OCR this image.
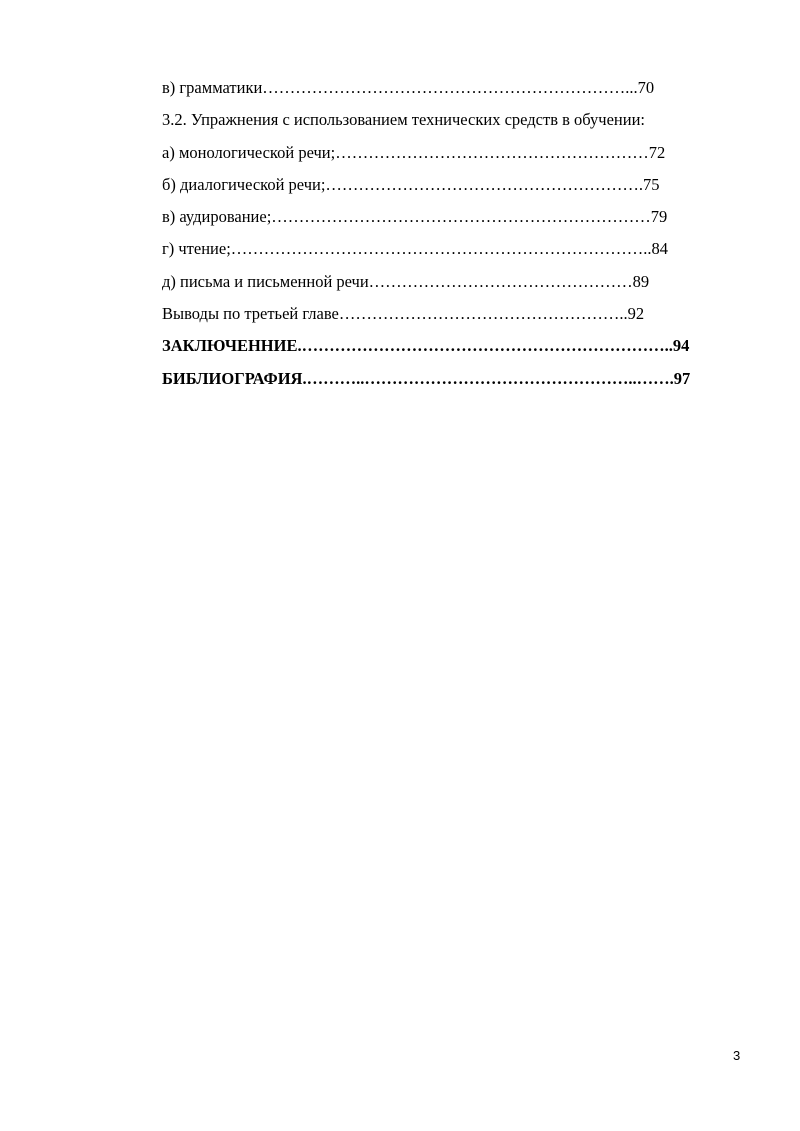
в) грамматики…………………………………………………………...70
3.2. Упражнения с использованием технических средств в обучении:
а) монологической речи;…………………………………………………72
б) диалогической речи;………………………………………………….75
в) аудирование;……………………………………………………………79
г) чтение;…………………………………………………………………..84
д) письма и письменной речи…………………………………………89
Выводы по третьей главе……………………………………………..92
ЗАКЛЮЧЕННИЕ.…………………………………………………………..94
БИБЛИОГРАФИЯ.………..…………………………………………..…….97
3
